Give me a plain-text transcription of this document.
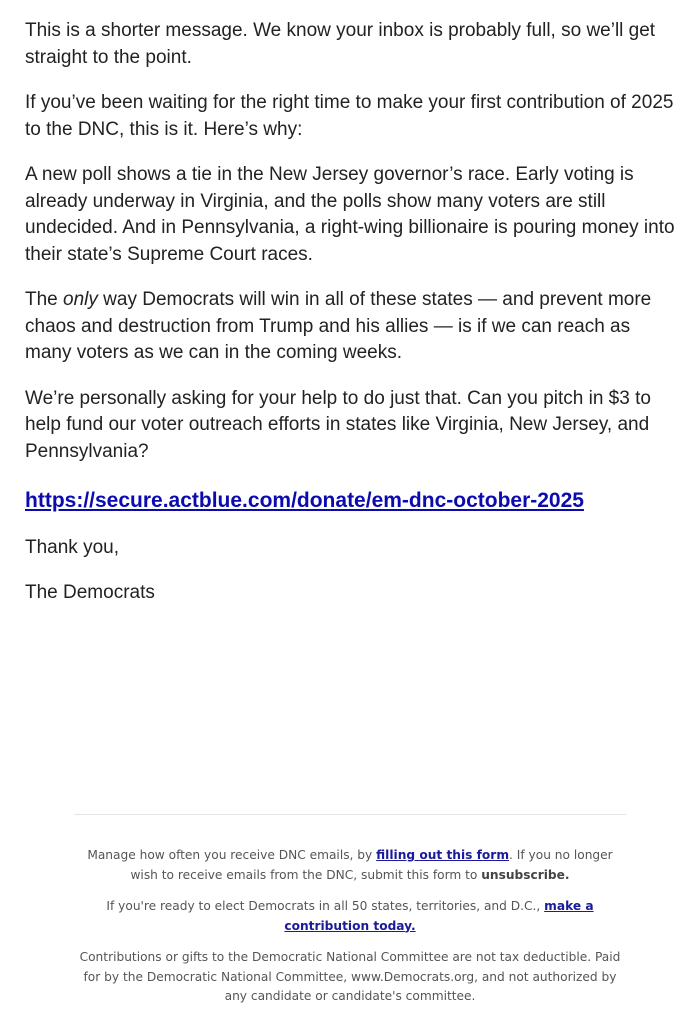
This is a shorter message. We know your inbox is probably full, so we’ll get straight to the point.

If you’ve been waiting for the right time to make your first contribution of 2025 to the DNC, this is it. Here’s why:

A new poll shows a tie in the New Jersey governor’s race. Early voting is already underway in Virginia, and the polls show many voters are still undecided. And in Pennsylvania, a right-wing billionaire is pouring money into their state’s Supreme Court races.

The only way Democrats will win in all of these states — and prevent more chaos and destruction from Trump and his allies — is if we can reach as many voters as we can in the coming weeks.

We’re personally asking for your help to do just that. Can you pitch in $3 to help fund our voter outreach efforts in states like Virginia, New Jersey, and Pennsylvania?

https://secure.actblue.com/donate/em-dnc-october-2025

Thank you,

The Democrats

Manage how often you receive DNC emails, by filling out this form. If you no longer wish to receive emails from the DNC, submit this form to unsubscribe.

If you're ready to elect Democrats in all 50 states, territories, and D.C., make a contribution today.

Contributions or gifts to the Democratic National Committee are not tax deductible. Paid for by the Democratic National Committee, www.Democrats.org, and not authorized by any candidate or candidate's committee.
